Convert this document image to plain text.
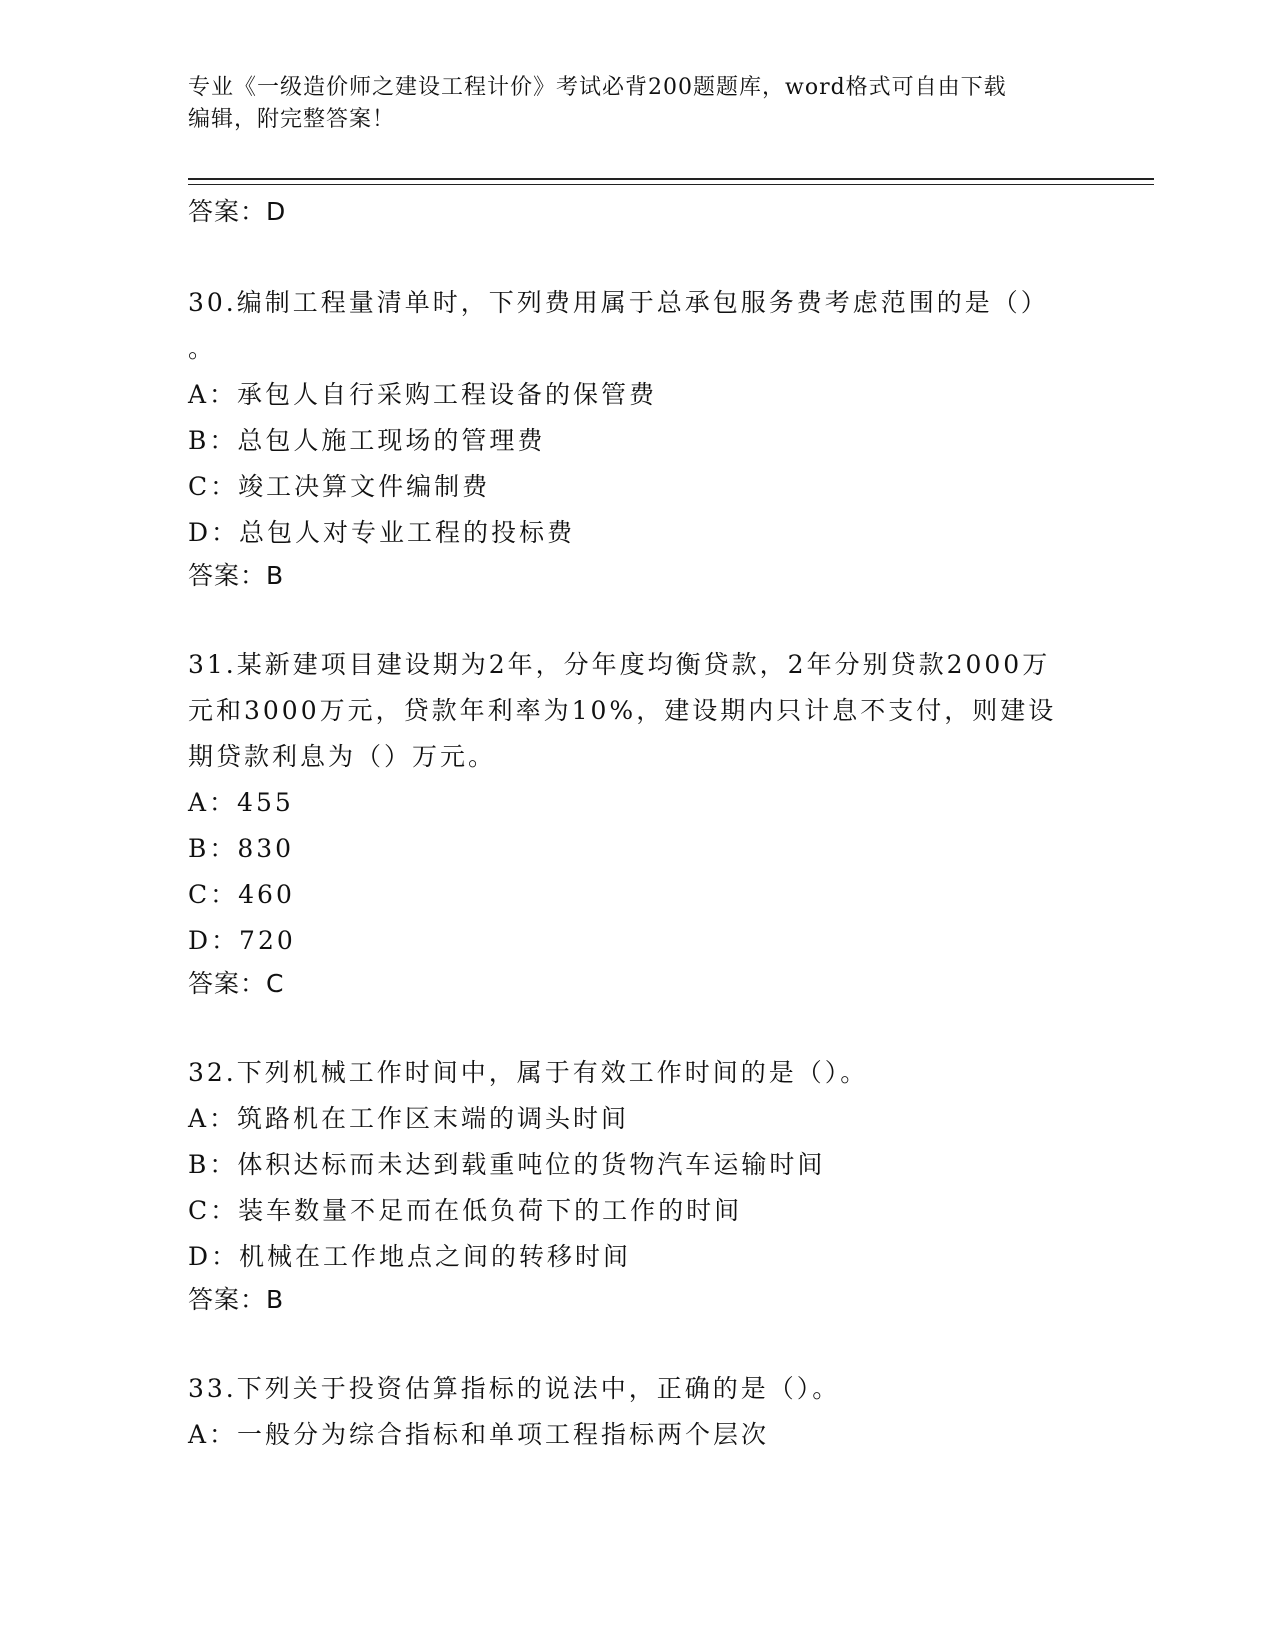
专业《一级造价师之建设工程计价》考试必背200题题库，word格式可自由下载
编辑，附完整答案！

答案：D

30.编制工程量清单时，下列费用属于总承包服务费考虑范围的是（）

。

A：承包人自行采购工程设备的保管费

B：总包人施工现场的管理费

C：竣工决算文件编制费

D：总包人对专业工程的投标费

答案：B

31.某新建项目建设期为2年，分年度均衡贷款，2年分别贷款2000万

元和3000万元，贷款年利率为10%，建设期内只计息不支付，则建设

期贷款利息为（）万元。

A：455

B：830

C：460

D：720

答案：C

32.下列机械工作时间中，属于有效工作时间的是（）。

A：筑路机在工作区末端的调头时间

B：体积达标而未达到载重吨位的货物汽车运输时间

C：装车数量不足而在低负荷下的工作的时间

D：机械在工作地点之间的转移时间

答案：B

33.下列关于投资估算指标的说法中，正确的是（）。

A：一般分为综合指标和单项工程指标两个层次
